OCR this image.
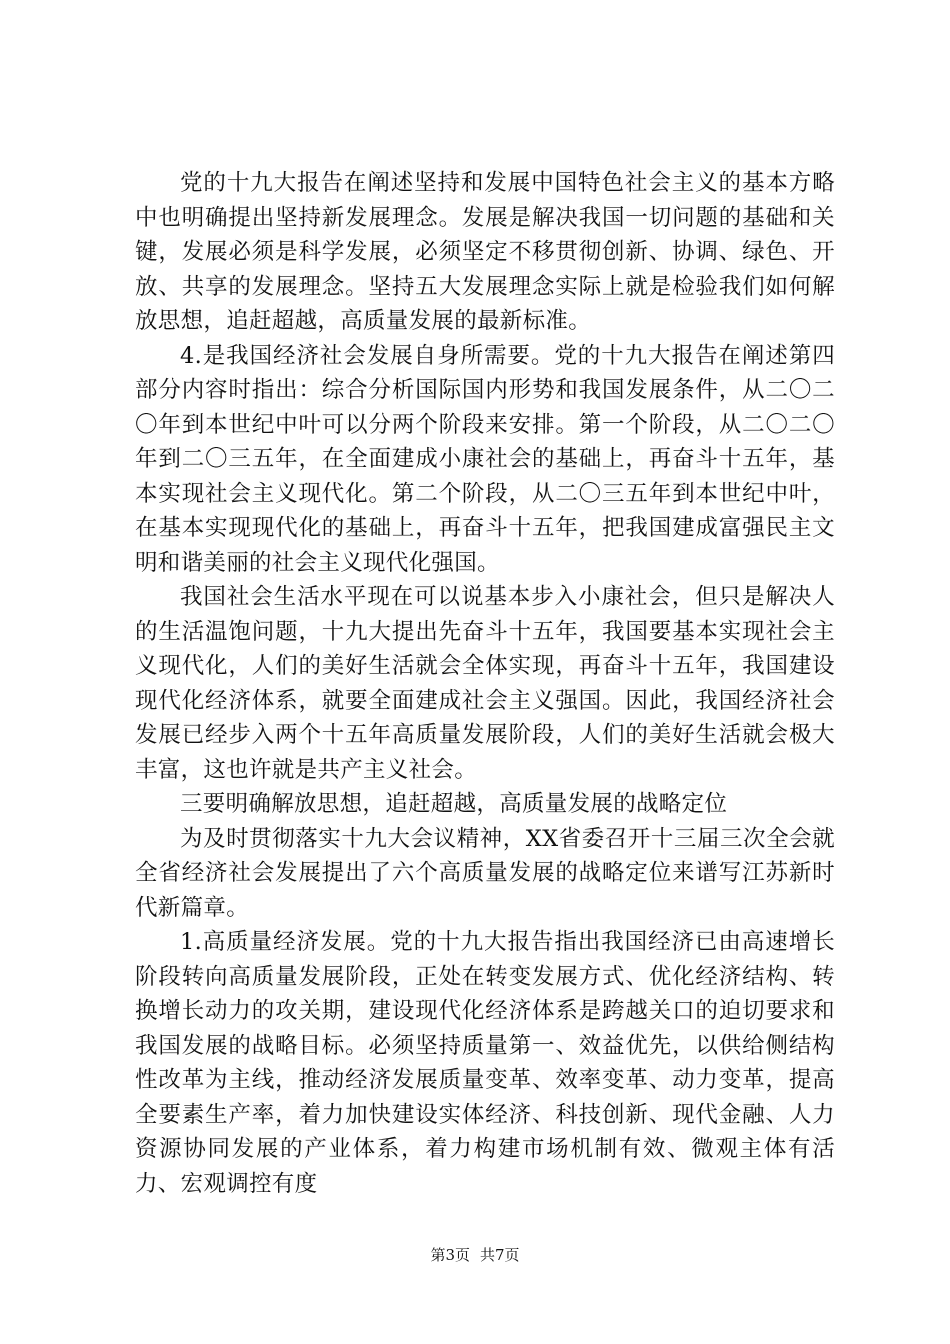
党的十九大报告在阐述坚持和发展中国特色社会主义的基本方略中也明确提出坚持新发展理念。发展是解决我国一切问题的基础和关键，发展必须是科学发展，必须坚定不移贯彻创新、协调、绿色、开放、共享的发展理念。坚持五大发展理念实际上就是检验我们如何解放思想，追赶超越，高质量发展的最新标准。

4.是我国经济社会发展自身所需要。党的十九大报告在阐述第四部分内容时指出：综合分析国际国内形势和我国发展条件，从二〇二〇年到本世纪中叶可以分两个阶段来安排。第一个阶段，从二〇二〇年到二〇三五年，在全面建成小康社会的基础上，再奋斗十五年，基本实现社会主义现代化。第二个阶段，从二〇三五年到本世纪中叶，在基本实现现代化的基础上，再奋斗十五年，把我国建成富强民主文明和谐美丽的社会主义现代化强国。

我国社会生活水平现在可以说基本步入小康社会，但只是解决人的生活温饱问题，十九大提出先奋斗十五年，我国要基本实现社会主义现代化，人们的美好生活就会全体实现，再奋斗十五年，我国建设现代化经济体系，就要全面建成社会主义强国。因此，我国经济社会发展已经步入两个十五年高质量发展阶段，人们的美好生活就会极大丰富，这也许就是共产主义社会。

三要明确解放思想，追赶超越，高质量发展的战略定位

为及时贯彻落实十九大会议精神，XX省委召开十三届三次全会就全省经济社会发展提出了六个高质量发展的战略定位来谱写江苏新时代新篇章。

1.高质量经济发展。党的十九大报告指出我国经济已由高速增长阶段转向高质量发展阶段，正处在转变发展方式、优化经济结构、转换增长动力的攻关期，建设现代化经济体系是跨越关口的迫切要求和我国发展的战略目标。必须坚持质量第一、效益优先，以供给侧结构性改革为主线，推动经济发展质量变革、效率变革、动力变革，提高全要素生产率，着力加快建设实体经济、科技创新、现代金融、人力资源协同发展的产业体系，着力构建市场机制有效、微观主体有活力、宏观调控有度

第3页 共7页
